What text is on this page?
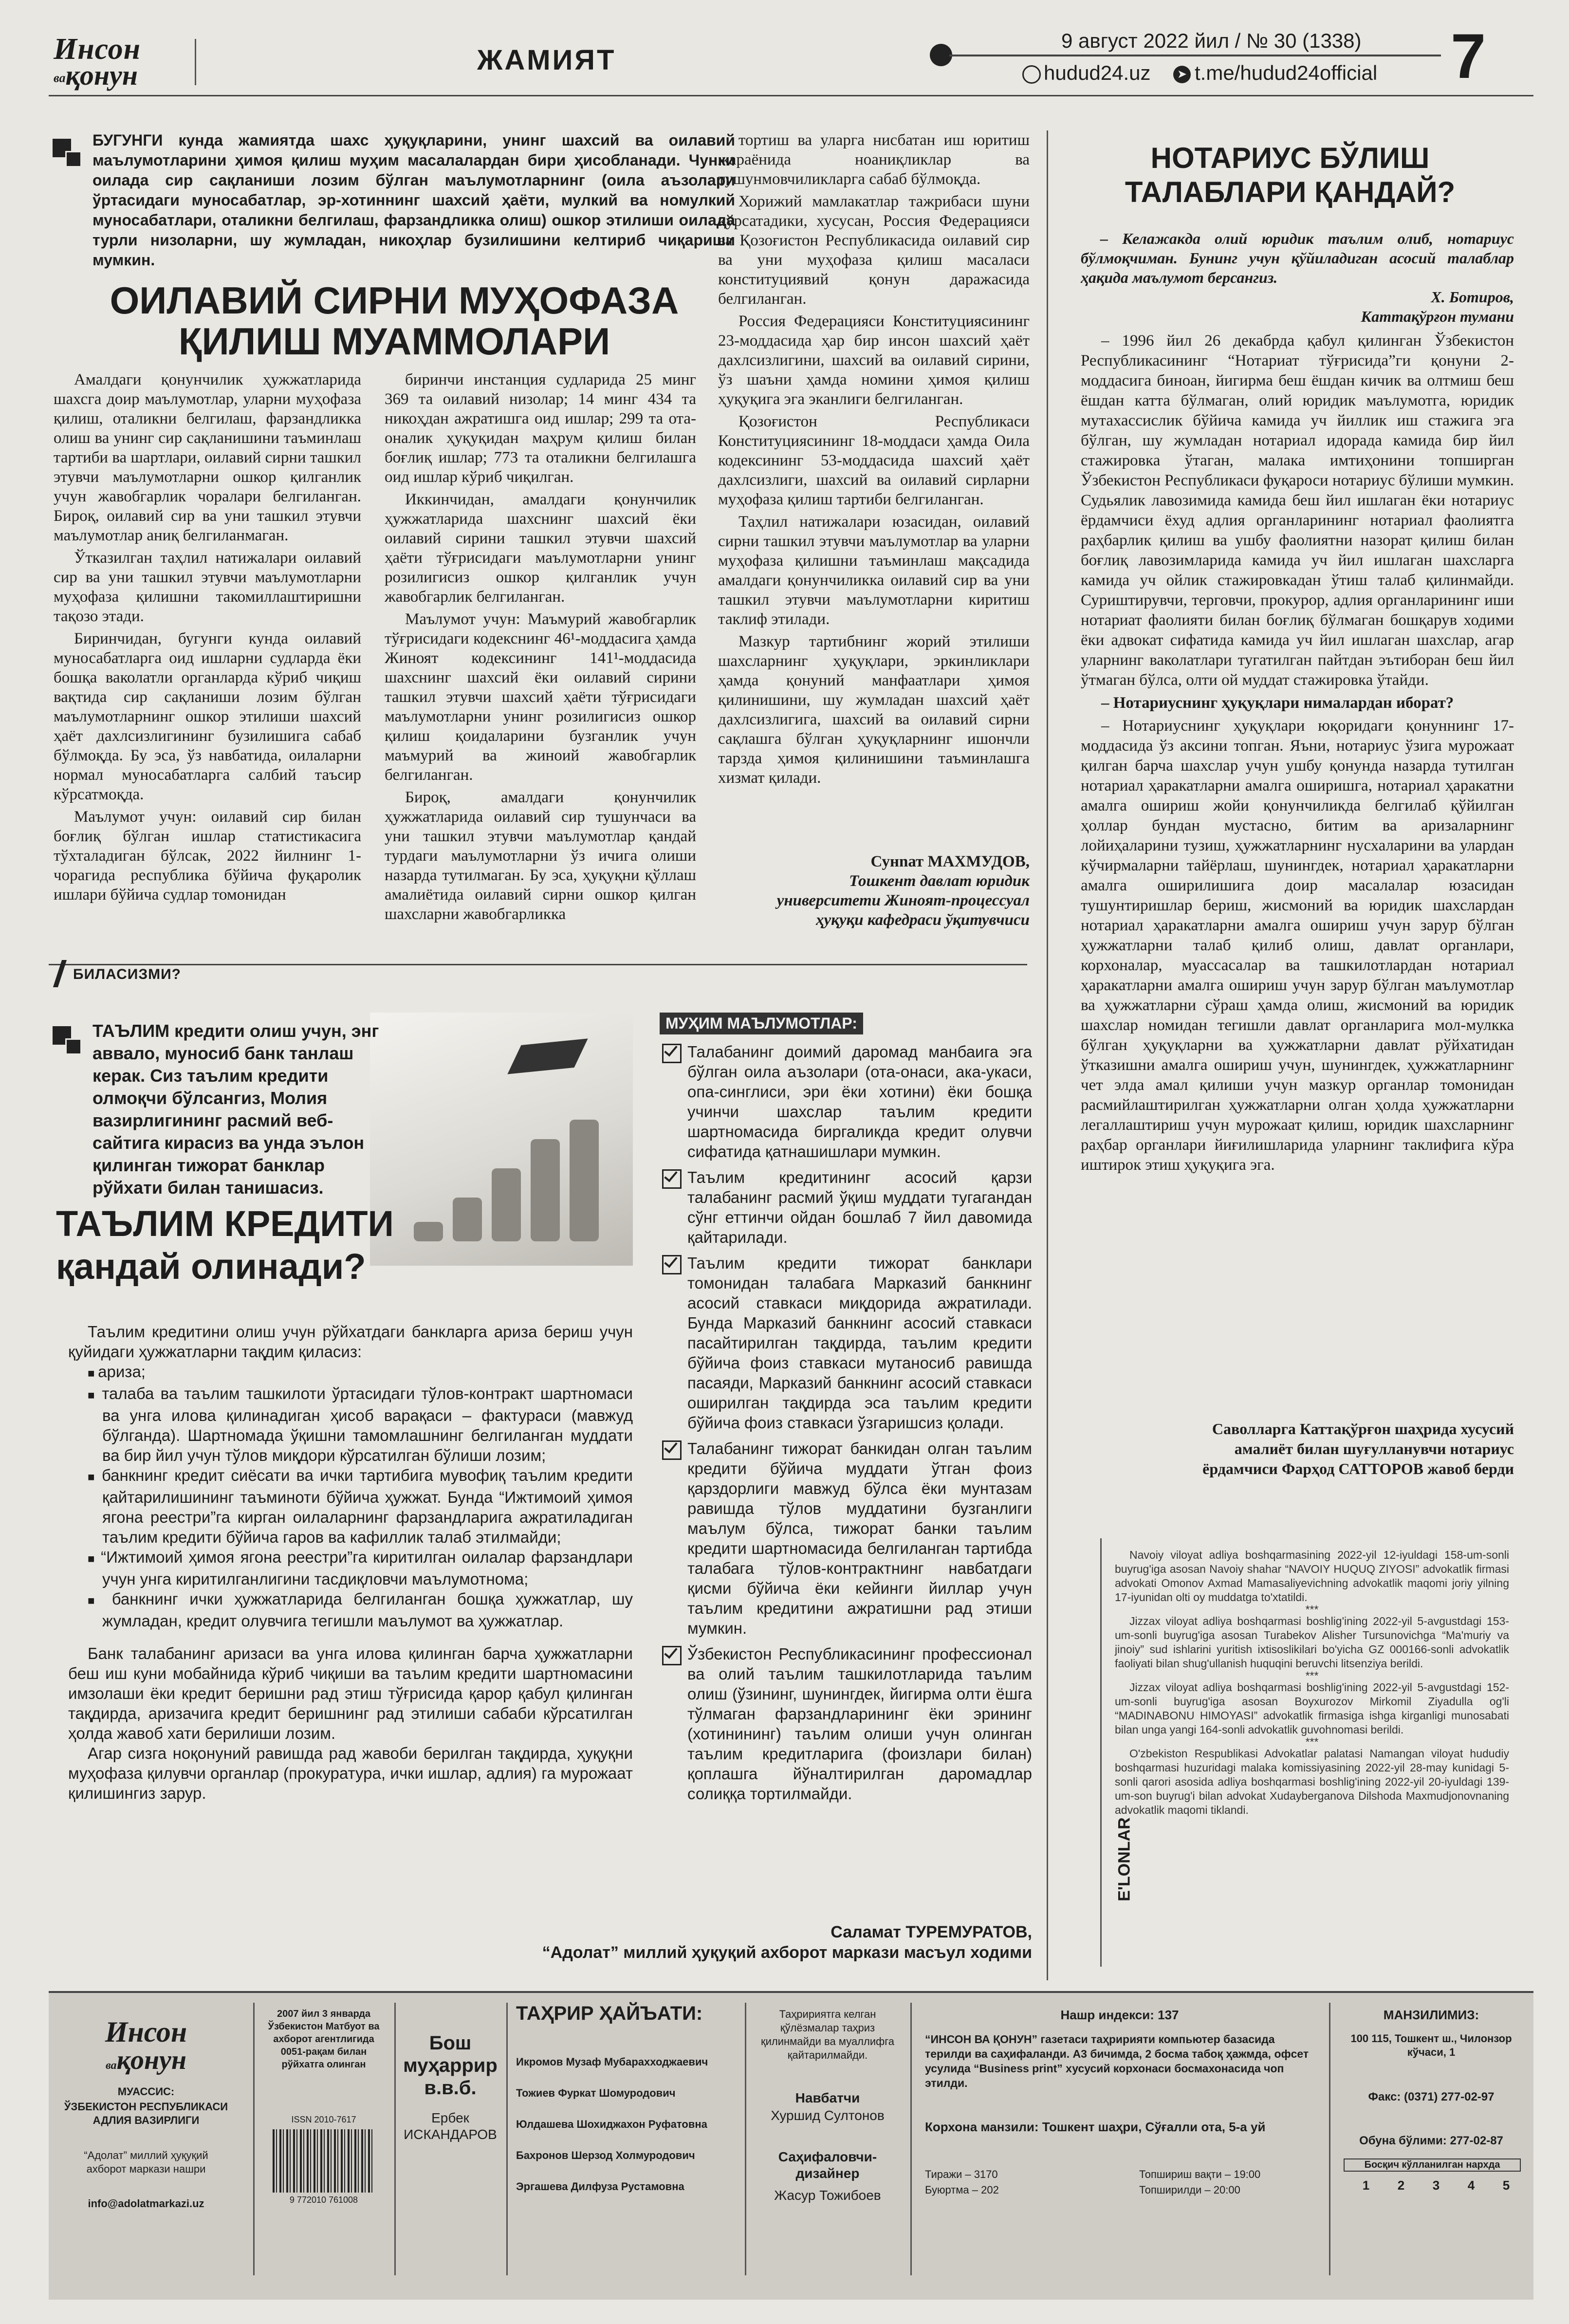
Инсон
вақонун	ЖАМИЯТ
9 август 2022 йил / № 30 (1338) 7
hudud24.uz	➤ t.me/hudud24official
БУГУНГИ кунда жамиятда шахс ҳуқуқларини, унинг шахсий ва оилавий маълумотларини ҳимоя қилиш муҳим масалалардан бири ҳисобланади. Чунки оилада сир сақланиши лозим бўлган маълумотларнинг (оила аъзолари ўртасидаги муносабатлар, эр-хотиннинг шахсий ҳаёти, мулкий ва номулкий муносабатлари, оталикни белгилаш, фарзандликка олиш) ошкор этилиши оилада турли низоларни, шу жумладан, никоҳлар бузилишини келтириб чиқариши мумкин.
ОИЛАВИЙ СИРНИ МУҲОФАЗА
ҚИЛИШ МУАММОЛАРИ

Амалдаги қонунчилик ҳужжатларида шахсга доир маълумотлар, уларни муҳофаза қилиш, оталикни белгилаш, фарзандликка олиш ва унинг сир сақланишини таъминлаш тартиби ва шартлари, оилавий сирни ташкил этувчи маълумотларни ошкор қилганлик учун жавобгарлик чоралари белгиланган. Бироқ, оилавий сир ва уни ташкил этувчи маълумотлар аниқ белгиланмаган.

Ўтказилган таҳлил натижалари оилавий сир ва уни ташкил этувчи маълумотларни муҳофаза қилишни такомиллаштиришни тақозо этади.

Биринчидан, бугунги кунда оилавий муносабатларга оид ишларни судларда ёки бошқа ваколатли органларда кўриб чиқиш вақтида сир сақланиши лозим бўлган маълумотларнинг ошкор этилиши шахсий ҳаёт дахлсизлигининг бузилишига сабаб бўлмоқда. Бу эса, ўз навбатида, оилаларни нормал муносабатларга салбий таъсир кўрсатмоқда.

Маълумот учун: оилавий сир билан боғлиқ бўлган ишлар статистикасига тўхталадиган бўлсак, 2022 йилнинг 1-чорагида республика бўйича фуқаролик ишлари бўйича судлар томонидан

биринчи инстанция судларида 25 минг 369 та оилавий низолар; 14 минг 434 та никоҳдан ажратишга оид ишлар; 299 та ота-оналик ҳуқуқидан маҳрум қилиш билан боғлиқ ишлар; 773 та оталикни белгилашга оид ишлар кўриб чиқилган.

Иккинчидан, амалдаги қонунчилик ҳужжатларида шахснинг шахсий ёки оилавий сирини ташкил этувчи шахсий ҳаёти тўғрисидаги маълумотларни унинг розилигисиз ошкор қилганлик учун жавобгарлик белгиланган.

Маълумот учун: Маъмурий жавобгарлик тўғрисидаги кодекснинг 46¹-моддасига ҳамда Жиноят кодексининг 141¹-моддасида шахснинг шахсий ёки оилавий сирини ташкил этувчи шахсий ҳаёти тўғрисидаги маълумотларни унинг розилигисиз ошкор қилиш қоидаларини бузганлик учун маъмурий ва жиноий жавобгарлик белгиланган.

Бироқ, амалдаги қонунчилик ҳужжатларида оилавий сир тушунчаси ва уни ташкил этувчи маълумотлар қандай турдаги маълумотларни ўз ичига олиши назарда тутилмаган. Бу эса, ҳуқуқни қўллаш амалиётида оилавий сирни ошкор қилган шахсларни жавобгарликка

тортиш ва уларга нисбатан иш юритиш жараёнида ноаниқликлар ва тушунмовчиликларга сабаб бўлмоқда.

Хорижий мамлакатлар тажрибаси шуни кўрсатадики, хусусан, Россия Федерацияси ва Қозоғистон Республикасида оилавий сир ва уни муҳофаза қилиш масаласи конституциявий қонун даражасида белгиланган.

Россия Федерацияси Конституциясининг 23-моддасида ҳар бир инсон шахсий ҳаёт дахлсизлигини, шахсий ва оилавий сирини, ўз шаъни ҳамда номини ҳимоя қилиш ҳуқуқига эга эканлиги белгиланган.

Қозоғистон Республикаси Конституциясининг 18-моддаси ҳамда Оила кодексининг 53-моддасида шахсий ҳаёт дахлсизлиги, шахсий ва оилавий сирларни муҳофаза қилиш тартиби белгиланган.

Таҳлил натижалари юзасидан, оилавий сирни ташкил этувчи маълумотлар ва уларни муҳофаза қилишни таъминлаш мақсадида амалдаги қонунчиликка оилавий сир ва уни ташкил этувчи маълумотларни киритиш таклиф этилади.

Мазкур тартибнинг жорий этилиши шахсларнинг ҳуқуқлари, эркинликлари ҳамда қонуний манфаатлари ҳимоя қилинишини, шу жумладан шахсий ҳаёт дахлсизлигига, шахсий ва оилавий сирни сақлашга бўлган ҳуқуқларнинг ишончли тарзда ҳимоя қилинишини таъминлашга хизмат қилади.

Сунnат МАХМУДОВ,
Тошкент давлат юридик
университети Жиноят-процессуал
ҳуқуқи кафедраси ўқитувчиси
НОТАРИУС БЎЛИШ
ТАЛАБЛАРИ ҚАНДАЙ?
– Келажакда олий юридик таълим олиб, нотариус бўлмоқчиман. Бунинг учун қўйиладиган асосий талаблар ҳақида маълумот берсангиз.
Х. Ботиров,
Каттақўрғон тумани

– 1996 йил 26 декабрда қабул қилинган Ўзбекистон Республикасининг “Нотариат тўғрисида”ги қонуни 2-моддасига биноан, йигирма беш ёшдан кичик ва олтмиш беш ёшдан катта бўлмаган, олий юридик маълумотга, юридик мутахассислик бўйича камида уч йиллик иш стажига эга бўлган, шу жумладан нотариал идорада камида бир йил стажировка ўтаган, малака имтиҳонини топширган Ўзбекистон Республикаси фуқароси нотариус бўлиши мумкин. Судьялик лавозимида камида беш йил ишлаган ёки нотариус ёрдамчиси ёхуд адлия органларининг нотариал фаолиятга раҳбарлик қилиш ва ушбу фаолиятни назорат қилиш билан боғлиқ лавозимларида камида уч йил ишлаган шахсларга камида уч ойлик стажировкадан ўтиш талаб қилинмайди. Суриштирувчи, терговчи, прокурор, адлия органларининг иши нотариат фаолияти билан боғлиқ бўлмаган бошқарув ходими ёки адвокат сифатида камида уч йил ишлаган шахслар, агар уларнинг ваколатлари тугатилган пайтдан эътиборан беш йил ўтмаган бўлса, олти ой муддат стажировка ўтайди.

– Нотариуснинг ҳуқуқлари нималардан иборат?

– Нотариуснинг ҳуқуқлари юқоридаги қонуннинг 17-моддасида ўз аксини топган. Яъни, нотариус ўзига мурожаат қилган барча шахслар учун ушбу қонунда назарда тутилган нотариал ҳаракатларни амалга оширишга, нотариал ҳаракатни амалга ошириш жойи қонунчиликда белгилаб қўйилган ҳоллар бундан мустасно, битим ва аризаларнинг лойиҳаларини тузиш, ҳужжатларнинг нусхаларини ва улардан кўчирмаларни тайёрлаш, шунингдек, нотариал ҳаракатларни амалга оширилишига доир масалалар юзасидан тушунтиришлар бериш, жисмоний ва юридик шахслардан нотариал ҳаракатларни амалга ошириш учун зарур бўлган ҳужжатларни талаб қилиб олиш, давлат органлари, корхоналар, муассасалар ва ташкилотлардан нотариал ҳаракатларни амалга ошириш учун зарур бўлган маълумотлар ва ҳужжатларни сўраш ҳамда олиш, жисмоний ва юридик шахслар номидан тегишли давлат органларига мол-мулкка бўлган ҳуқуқларни ва ҳужжатларни давлат рўйхатидан ўтказишни амалга ошириш учун, шунингдек, ҳужжатларнинг чет элда амал қилиши учун мазкур органлар томонидан расмийлаштирилган ҳужжатларни олган ҳолда ҳужжатларни легаллаштириш учун мурожаат қилиш, юридик шахсларнинг раҳбар органлари йиғилишларида уларнинг таклифига кўра иштирок этиш ҳуқуқига эга.

Саволларга Каттақўрғон шаҳрида хусусий
амалиёт билан шуғулланувчи нотариус
ёрдамчиси Фарҳод САТТОРОВ жавоб берди
БИЛАСИЗМИ?
ТАЪЛИМ кредити олиш учун, энг аввало, муносиб банк танлаш керак. Сиз таълим кредити олмоқчи бўлсангиз, Молия вазирлигининг расмий веб-сайтига кирасиз ва унда эълон қилинган тижорат банклар рўйхати билан танишасиз.
ТАЪЛИМ КРЕДИТИ
қандай олинади?
Таълим кредитини олиш учун рўйхатдаги банкларга ариза бериш учун қуйидаги ҳужжатларни тақдим қиласиз:
■ ариза;
■ талаба ва таълим ташкилоти ўртасидаги тўлов-контракт шартномаси ва унга илова қилинадиган ҳисоб варақаси – фактураси (мавжуд бўлганда). Шартномада ўқишни тамомлашнинг белгиланган муддати ва бир йил учун тўлов миқдори кўрсатилган бўлиши лозим;
■ банкнинг кредит сиёсати ва ички тартибига мувофиқ таълим кредити қайтарилишининг таъминоти бўйича ҳужжат. Бунда “Ижтимоий ҳимоя ягона реестри”га кирган оилаларнинг фарзандларига ажратиладиган таълим кредити бўйича гаров ва кафиллик талаб этилмайди;
■ “Ижтимоий ҳимоя ягона реестри”га киритилган оилалар фарзандлари учун унга киритилганлигини тасдиқловчи маълумотнома;
■ банкнинг ички ҳужжатларида белгиланган бошқа ҳужжатлар, шу жумладан, кредит олувчига тегишли маълумот ва ҳужжатлар.
Банк талабанинг аризаси ва унга илова қилинган барча ҳужжатларни беш иш куни мобайнида кўриб чиқиши ва таълим кредити шартномасини имзолаши ёки кредит беришни рад этиш тўғрисида қарор қабул қилинган тақдирда, аризачига кредит беришнинг рад этилиши сабаби кўрсатилган ҳолда жавоб хати берилиши лозим.
Агар сизга ноқонуний равишда рад жавоби берилган тақдирда, ҳуқуқни муҳофаза қилувчи органлар (прокуратура, ички ишлар, адлия) га мурожаат қилишингиз зарур.
МУҲИМ МАЪЛУМОТЛАР:
Талабанинг доимий даромад манбаига эга бўлган оила аъзолари (ота-онаси, ака-укаси, опа-синглиси, эри ёки хотини) ёки бошқа учинчи шахслар таълим кредити шартномасида биргаликда кредит олувчи сифатида қатнашишлари мумкин.
Таълим кредитининг асосий қарзи талабанинг расмий ўқиш муддати тугагандан сўнг еттинчи ойдан бошлаб 7 йил давомида қайтарилади.
Таълим кредити тижорат банклари томонидан талабага Марказий банкнинг асосий ставкаси миқдорида ажратилади. Бунда Марказий банкнинг асосий ставкаси пасайтирилган тақдирда, таълим кредити бўйича фоиз ставкаси мутаносиб равишда пасаяди, Марказий банкнинг асосий ставкаси оширилган тақдирда эса таълим кредити бўйича фоиз ставкаси ўзгаришсиз қолади.
Талабанинг тижорат банкидан олган таълим кредити бўйича муддати ўтган фоиз қарздорлиги мавжуд бўлса ёки мунтазам равишда тўлов муддатини бузганлиги маълум бўлса, тижорат банки таълим кредити шартномасида белгиланган тартибда талабага тўлов-контрактнинг навбатдаги қисми бўйича ёки кейинги йиллар учун таълим кредитини ажратишни рад этиши мумкин.
Ўзбекистон Республикасининг профессионал ва олий таълим ташкилотларида таълим олиш (ўзининг, шунингдек, йигирма олти ёшга тўлмаган фарзандларининг ёки эрининг (хотинининг) таълим олиши учун олинган таълим кредитларига (фоизлари билан) қоплашга йўналтирилган даромадлар солиққа тортилмайди.
Саламат ТУРЕМУРАТОВ,
“Адолат” миллий ҳуқуқий ахборот маркази масъул ходими
E'LONLAR
Navoiy viloyat adliya boshqarmasining 2022-yil 12-iyuldagi 158-um-sonli buyrug'iga asosan Navoiy shahar “NAVOIY HUQUQ ZIYOSI” advokatlik firmasi advokati Omonov Axmad Mamasaliyevichning advokatlik maqomi joriy yilning 17-iyunidan olti oy muddatga to'xtatildi.
***
Jizzax viloyat adliya boshqarmasi boshlig'ining 2022-yil 5-avgustdagi 153-um-sonli buyrug'iga asosan Turabekov Alisher Tursunovichga “Ma'muriy va jinoiy” sud ishlarini yuritish ixtisoslikilari bo'yicha GZ 000166-sonli advokatlik faoliyati bilan shug'ullanish huquqini beruvchi litsenziya berildi.
***
Jizzax viloyat adliya boshqarmasi boshlig'ining 2022-yil 5-avgustdagi 152-um-sonli buyrug'iga asosan Boyxurozov Mirkomil Ziyadulla og'li “MADINABONU HIMOYASI” advokatlik firmasiga ishga kirganligi munosabati bilan unga yangi 164-sonli advokatlik guvohnomasi berildi.
***
O'zbekiston Respublikasi Advokatlar palatasi Namangan viloyat hududiy boshqarmasi huzuridagi malaka komissiyasining 2022-yil 28-may kunidagi 5-sonli qarori asosida adliya boshqarmasi boshlig'ining 2022-yil 20-iyuldagi 139-um-son buyrug'i bilan advokat Xudayberganova Dilshoda Maxmudjonovnaning advokatlik maqomi tiklandi.
Инсон
вақонун
МУАССИС:
ЎЗБЕКИСТОН РЕСПУБЛИКАСИ АДЛИЯ ВАЗИРЛИГИ
“Адолат” миллий ҳуқуқий ахборот маркази нашри
info@adolatmarkazi.uz
2007 йил 3 январда Ўзбекистон Матбуот ва ахборот агентлигида 0051-рақам билан рўйхатга олинган
ISSN 2010-7617
9 772010 761008
Бош муҳаррир в.в.б.
Ербек ИСКАНДАРОВ
ТАҲРИР ҲАЙЪАТИ:
Икромов Музаф Мубарахходжаевич
Тожиев Фуркат Шомуродович
Юлдашева Шохиджахон Руфатовна
Бахронов Шерзод Холмуродович
Эргашева Дилфуза Рустамовна
Таҳририятга келган қўлёзмалар таҳриз қилинмайди ва муаллифга қайтарилмайди.
Навбатчи
Хуршид Султонов
Саҳифаловчи-дизайнер
Жасур Тожибоев
Нашр индекси: 137
“ИНСОН ВА ҚОНУН” газетаси таҳририяти компьютер базасида терилди ва саҳифаланди. А3 бичимда, 2 босма табоқ ҳажмда, офсет усулида “Business print” хусусий корхонаси босмахонасида чоп этилди.
Корхона манзили: Тошкент шаҳри, Сўғалли ота, 5-а уй
Тиражи – 3170
Буюртма – 202
Топшириш вақти – 19:00
Топширилди – 20:00
МАНЗИЛИМИЗ:
100 115, Тошкент ш., Чилонзор кўчаси, 1
Факс: (0371) 277-02-97
Обуна бўлими: 277-02-87
Босқич кўлланилган нархда
1 2 3 4 5
